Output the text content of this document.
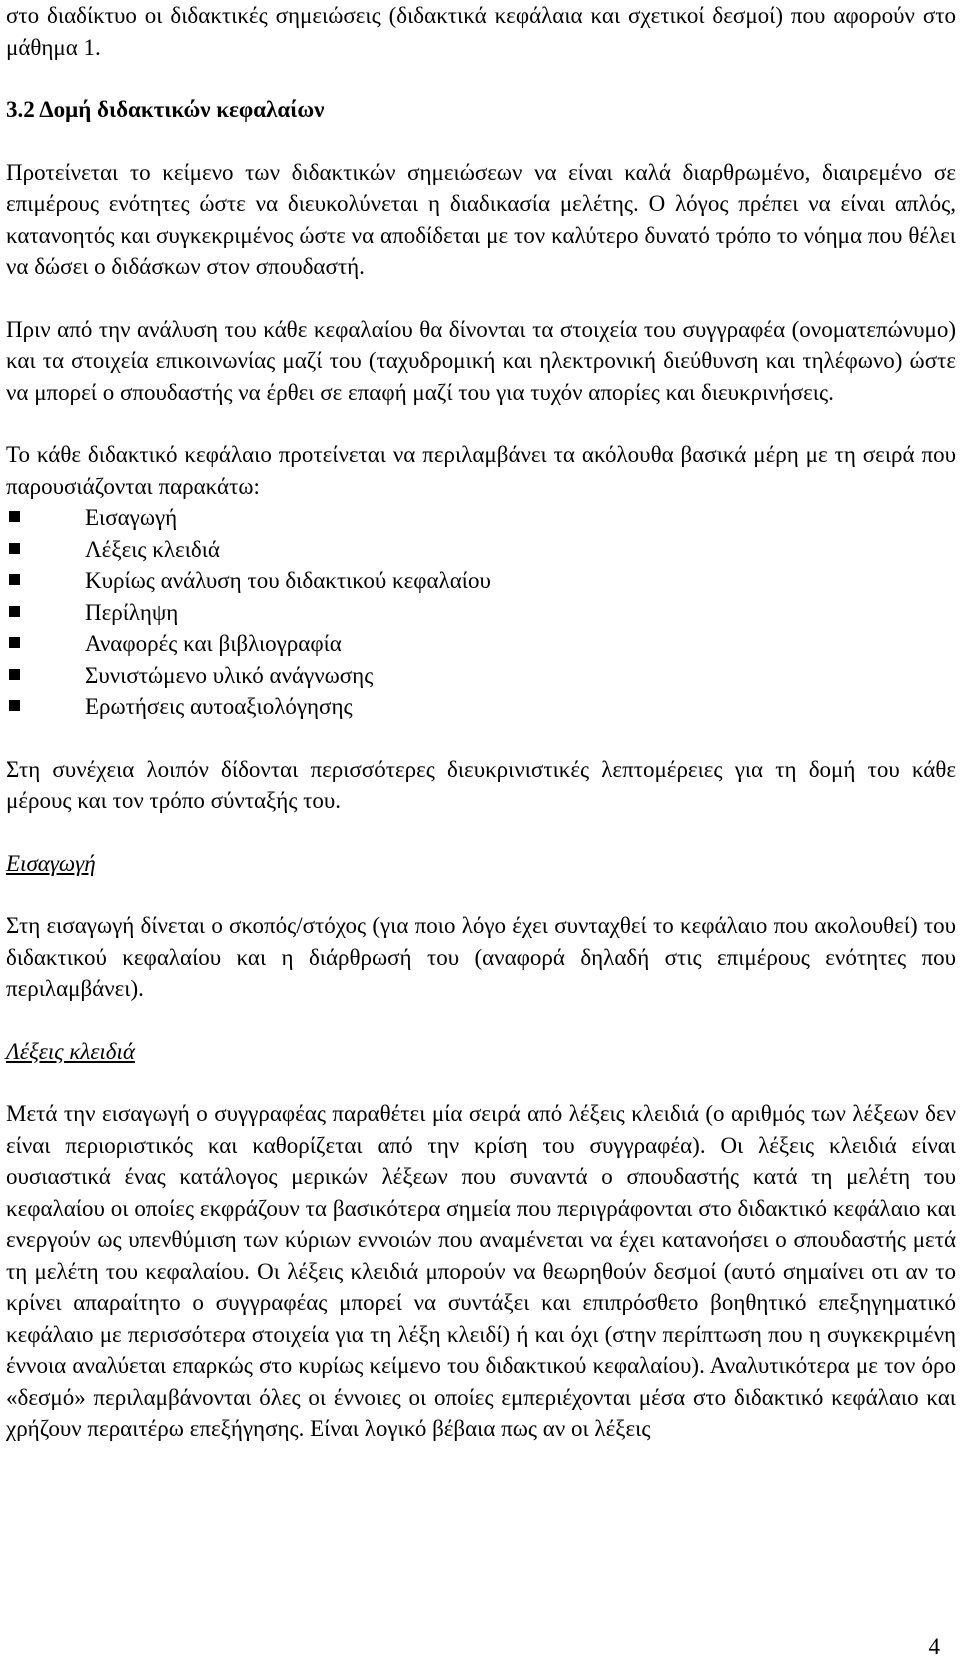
στο διαδίκτυο οι διδακτικές σημειώσεις (διδακτικά κεφάλαια και σχετικοί δεσμοί) που αφορούν στο μάθημα 1.

3.2 Δομή διδακτικών κεφαλαίων

Προτείνεται το κείμενο των διδακτικών σημειώσεων να είναι καλά διαρθρωμένο, διαιρεμένο σε επιμέρους ενότητες ώστε να διευκολύνεται η διαδικασία μελέτης. Ο λόγος πρέπει να είναι απλός, κατανοητός και συγκεκριμένος ώστε να αποδίδεται με τον καλύτερο δυνατό τρόπο το νόημα που θέλει να δώσει ο διδάσκων στον σπουδαστή.

Πριν από την ανάλυση του κάθε κεφαλαίου θα δίνονται τα στοιχεία του συγγραφέα (ονοματεπώνυμο) και τα στοιχεία επικοινωνίας μαζί του (ταχυδρομική και ηλεκτρονική διεύθυνση και τηλέφωνο) ώστε να μπορεί ο σπουδαστής να έρθει σε επαφή μαζί του για τυχόν απορίες και διευκρινήσεις.

Το κάθε διδακτικό κεφάλαιο προτείνεται να περιλαμβάνει τα ακόλουθα βασικά μέρη με τη σειρά που παρουσιάζονται παρακάτω:

Εισαγωγή
Λέξεις κλειδιά
Κυρίως ανάλυση του διδακτικού κεφαλαίου
Περίληψη
Αναφορές και βιβλιογραφία
Συνιστώμενο υλικό ανάγνωσης
Ερωτήσεις αυτοαξιολόγησης

Στη συνέχεια λοιπόν δίδονται περισσότερες διευκρινιστικές λεπτομέρειες για τη δομή του κάθε μέρους και τον τρόπο σύνταξής του.

Εισαγωγή

Στη εισαγωγή δίνεται ο σκοπός/στόχος (για ποιο λόγο έχει συνταχθεί το κεφάλαιο που ακολουθεί) του διδακτικού κεφαλαίου και η διάρθρωσή του (αναφορά δηλαδή στις επιμέρους ενότητες που περιλαμβάνει).

Λέξεις κλειδιά

Μετά την εισαγωγή ο συγγραφέας παραθέτει μία σειρά από λέξεις κλειδιά (ο αριθμός των λέξεων δεν είναι περιοριστικός και καθορίζεται από την κρίση του συγγραφέα). Οι λέξεις κλειδιά είναι ουσιαστικά ένας κατάλογος μερικών λέξεων που συναντά ο σπουδαστής κατά τη μελέτη του κεφαλαίου οι οποίες εκφράζουν τα βασικότερα σημεία που περιγράφονται στο διδακτικό κεφάλαιο και ενεργούν ως υπενθύμιση των κύριων εννοιών που αναμένεται να έχει κατανοήσει ο σπουδαστής μετά τη μελέτη του κεφαλαίου. Οι λέξεις κλειδιά μπορούν να θεωρηθούν δεσμοί (αυτό σημαίνει οτι αν το κρίνει απαραίτητο ο συγγραφέας μπορεί να συντάξει και επιπρόσθετο βοηθητικό επεξηγηματικό κεφάλαιο με περισσότερα στοιχεία για τη λέξη κλειδί) ή και όχι (στην περίπτωση που η συγκεκριμένη έννοια αναλύεται επαρκώς στο κυρίως κείμενο του διδακτικού κεφαλαίου). Αναλυτικότερα με τον όρο «δεσμό» περιλαμβάνονται όλες οι έννοιες οι οποίες εμπεριέχονται μέσα στο διδακτικό κεφάλαιο και χρήζουν περαιτέρω επεξήγησης. Είναι λογικό βέβαια πως αν οι λέξεις

4
